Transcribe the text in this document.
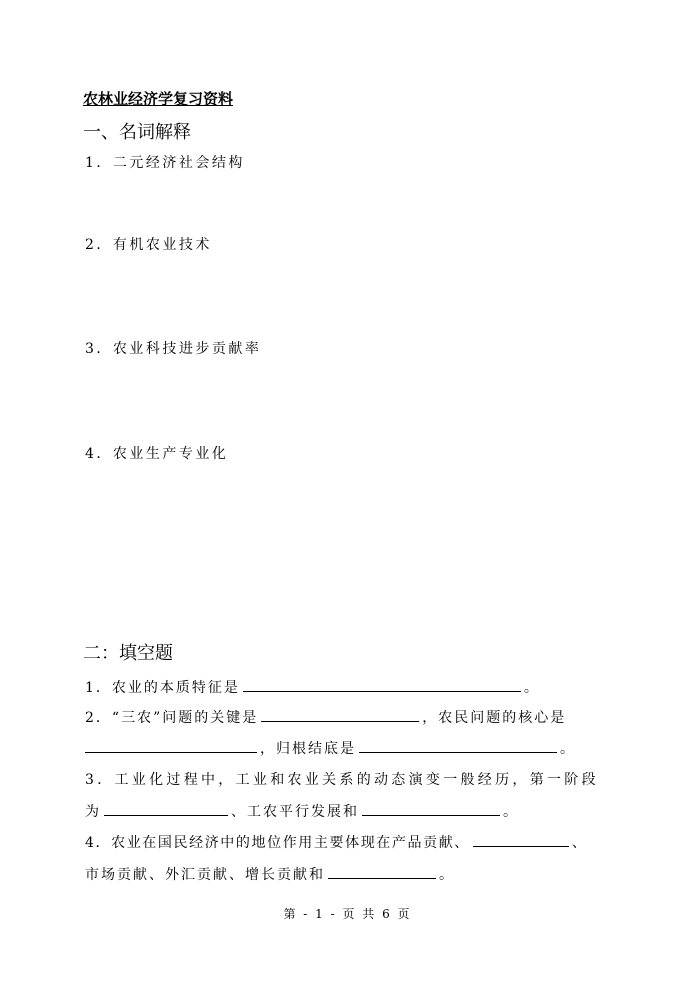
农林业经济学复习资料
一、名词解释
1．二元经济社会结构
2．有机农业技术
3．农业科技进步贡献率
4．农业生产专业化
二：填空题
1．农业的本质特征是	。
2．“三农”问题的关键是	，农民问题的核心是
，归根结底是	。
3．工业化过程中，工业和农业关系的动态演变一般经历，第一阶段
为	、工农平行发展和	。
4．农业在国民经济中的地位作用主要体现在产品贡献、	、
市场贡献、外汇贡献、增长贡献和	。
第 - 1 - 页 共 6 页
